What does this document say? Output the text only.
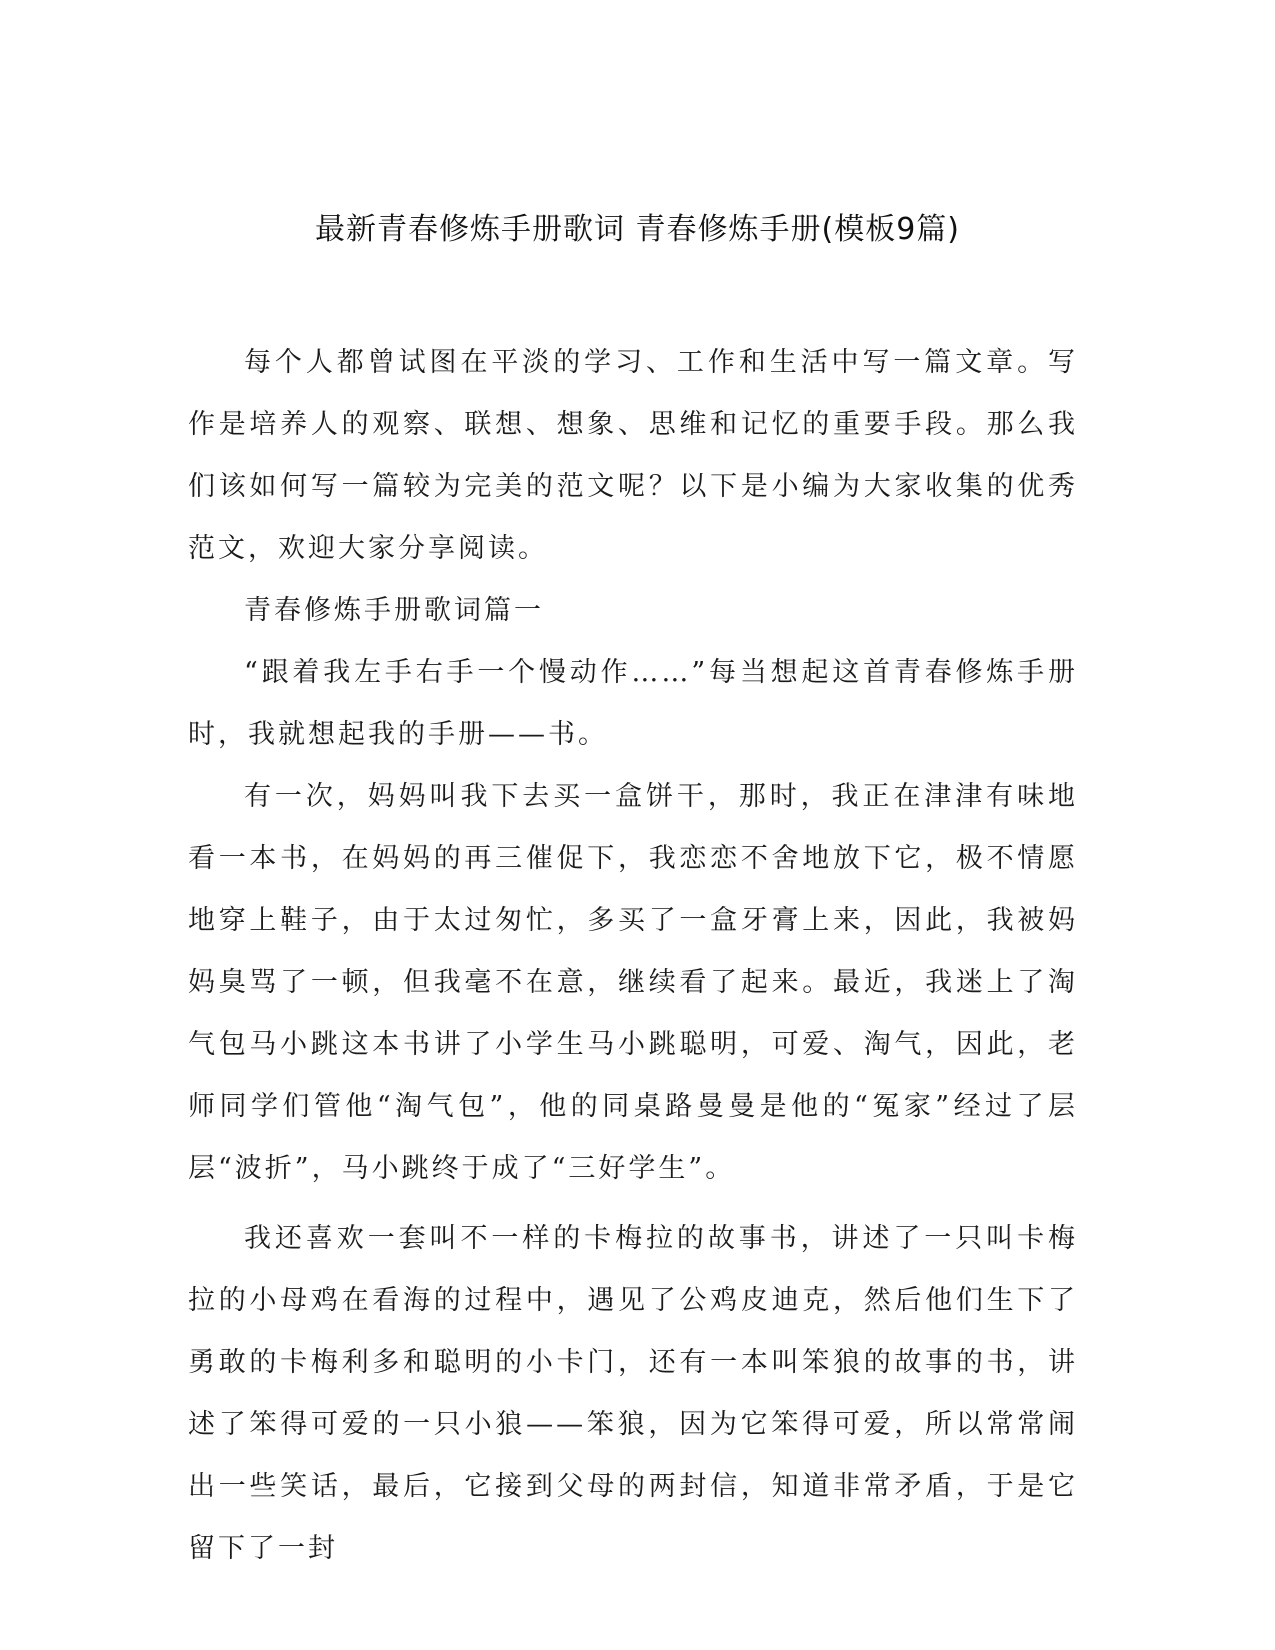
最新青春修炼手册歌词 青春修炼手册(模板9篇)

每个人都曾试图在平淡的学习、工作和生活中写一篇文章。写作是培养人的观察、联想、想象、思维和记忆的重要手段。那么我们该如何写一篇较为完美的范文呢？以下是小编为大家收集的优秀范文，欢迎大家分享阅读。

青春修炼手册歌词篇一

“跟着我左手右手一个慢动作……”每当想起这首青春修炼手册时，我就想起我的手册——书。

有一次，妈妈叫我下去买一盒饼干，那时，我正在津津有味地看一本书，在妈妈的再三催促下，我恋恋不舍地放下它，极不情愿地穿上鞋子，由于太过匆忙，多买了一盒牙膏上来，因此，我被妈妈臭骂了一顿，但我毫不在意，继续看了起来。最近，我迷上了淘气包马小跳这本书讲了小学生马小跳聪明，可爱、淘气，因此，老师同学们管他“淘气包”，他的同桌路曼曼是他的“冤家”经过了层层“波折”，马小跳终于成了“三好学生”。

我还喜欢一套叫不一样的卡梅拉的故事书，讲述了一只叫卡梅拉的小母鸡在看海的过程中，遇见了公鸡皮迪克，然后他们生下了勇敢的卡梅利多和聪明的小卡门，还有一本叫笨狼的故事的书，讲述了笨得可爱的一只小狼——笨狼，因为它笨得可爱，所以常常闹出一些笑话，最后，它接到父母的两封信，知道非常矛盾，于是它留下了一封
